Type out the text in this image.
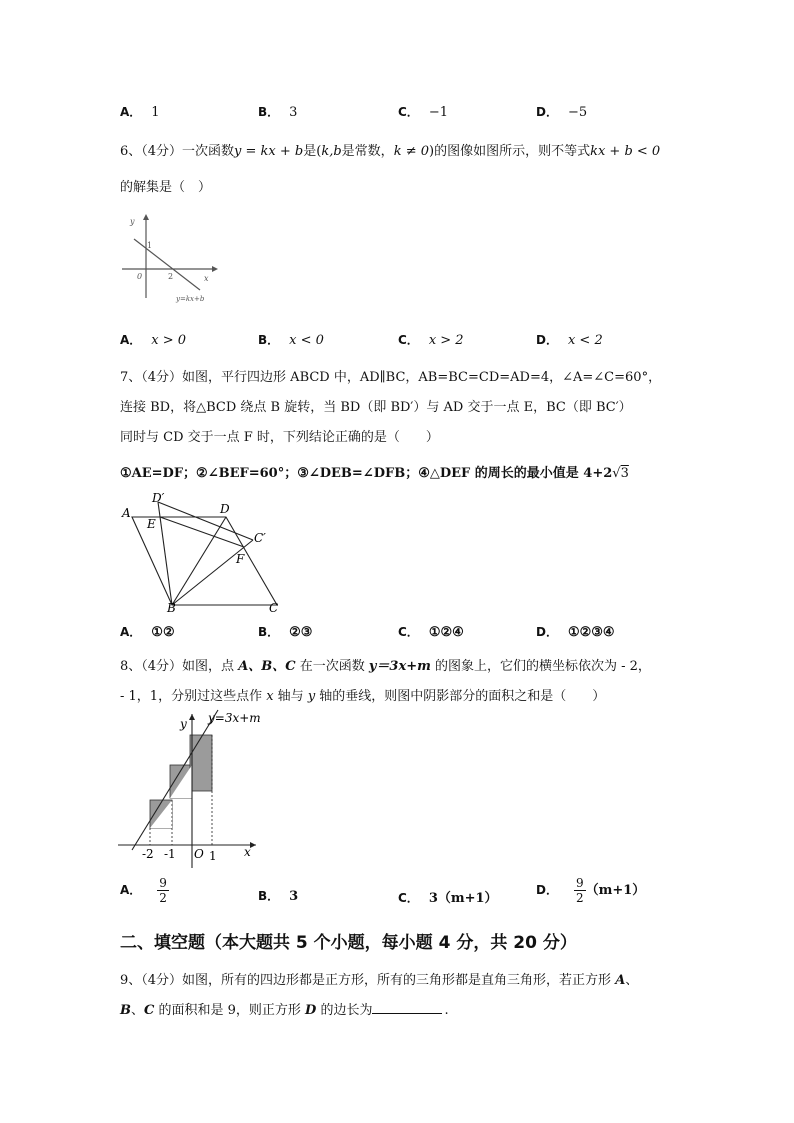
A． 1	B． 3	C． −1	D． −5
6、（4分）一次函数y = kx + b是(k,b是常数，k ≠ 0)的图像如图所示，则不等式kx + b < 0
的解集是（　）
y
1
0	2	x
y=kx+b
A． x > 0	B． x < 0	C． x > 2	D． x < 2
7、（4分）如图，平行四边形 ABCD 中，AD∥BC，AB=BC=CD=AD=4，∠A=∠C=60°，
连接 BD，将△BCD 绕点 B 旋转，当 BD（即 BD′）与 AD 交于一点 E，BC（即 BC′）
同时与 CD 交于一点 F 时，下列结论正确的是（　　）
①AE=DF；②∠BEF=60°；③∠DEB=∠DFB；④△DEF 的周长的最小值是 4+2√3
A
D′
D
E
C′
F
B	C
A． ①②	B． ②③	C． ①②④	D． ①②③④
8、（4分）如图，点 A、B、C 在一次函数 y＝3x+m 的图象上，它们的横坐标依次为 - 2，
- 1，1，分别过这些点作 x 轴与 y 轴的垂线，则图中阴影部分的面积之和是（　　）
y y=3x+m
-2 -1 O 1 x
A． $\frac{9}{2}$	B． 3	C． 3（m+1）
D． $\frac{9}{2} (m+1)$
二、填空题（本大题共 5 个小题，每小题 4 分，共 20 分）
9、（4分）如图，所有的四边形都是正方形，所有的三角形都是直角三角形，若正方形 A、
B、C 的面积和是 9，则正方形 D 的边长为	.
